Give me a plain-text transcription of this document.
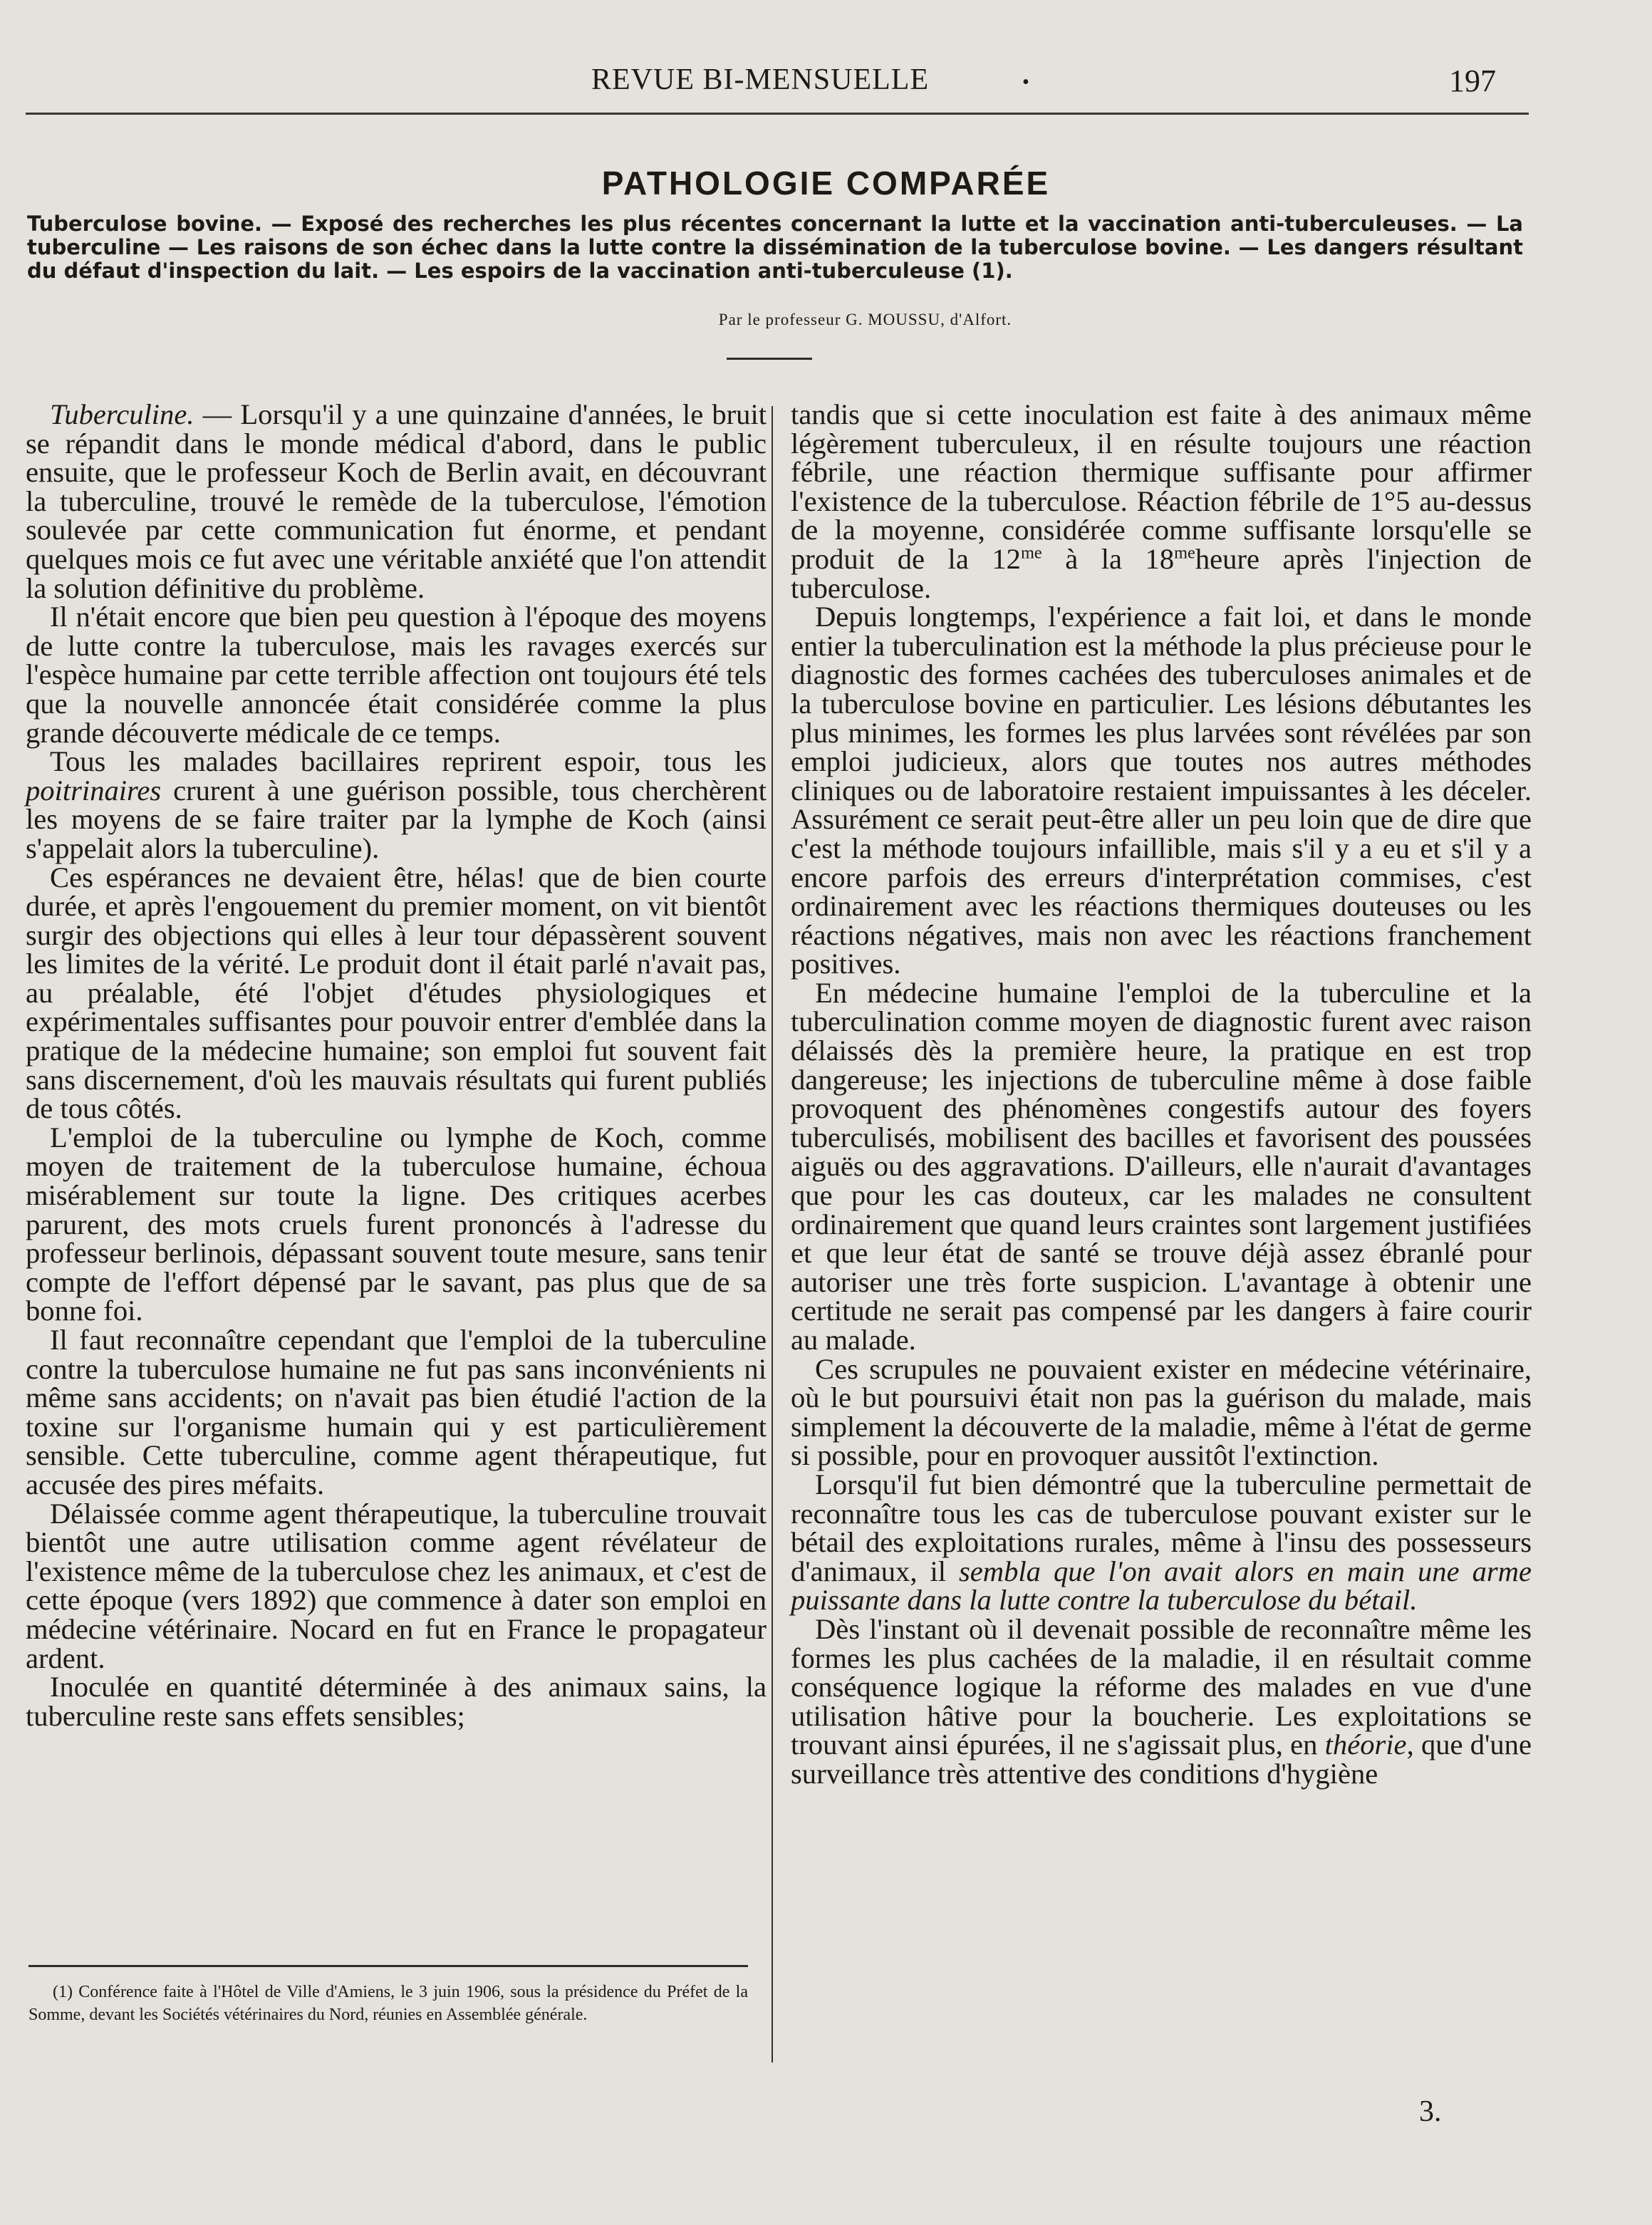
REVUE BI-MENSUELLE	•	197
PATHOLOGIE COMPARÉE

Tuberculose bovine. — Exposé des recherches les plus récentes concernant la lutte et la vaccination anti-tuberculeuses. — La tuberculine — Les raisons de son échec dans la lutte contre la dissémination de la tuberculose bovine. — Les dangers résultant du défaut d'inspection du lait. — Les espoirs de la vaccination anti-tuberculeuse (1).

Par le professeur G. MOUSSU, d'Alfort.

Tuberculine. — Lorsqu'il y a une quinzaine d'années, le bruit se répandit dans le monde médical d'abord, dans le public ensuite, que le professeur Koch de Berlin avait, en découvrant la tuberculine, trouvé le remède de la tuberculose, l'émotion soulevée par cette communication fut énorme, et pendant quelques mois ce fut avec une véritable anxiété que l'on attendit la solution définitive du problème.

Il n'était encore que bien peu question à l'époque des moyens de lutte contre la tuberculose, mais les ravages exercés sur l'espèce humaine par cette terrible affection ont toujours été tels que la nouvelle annoncée était considérée comme la plus grande découverte médicale de ce temps.

Tous les malades bacillaires reprirent espoir, tous les poitrinaires crurent à une guérison possible, tous cherchèrent les moyens de se faire traiter par la lymphe de Koch (ainsi s'appelait alors la tuberculine).

Ces espérances ne devaient être, hélas! que de bien courte durée, et après l'engouement du premier moment, on vit bientôt surgir des objections qui elles à leur tour dépassèrent souvent les limites de la vérité. Le produit dont il était parlé n'avait pas, au préalable, été l'objet d'études physiologiques et expérimentales suffisantes pour pouvoir entrer d'emblée dans la pratique de la médecine humaine; son emploi fut souvent fait sans discernement, d'où les mauvais résultats qui furent publiés de tous côtés.

L'emploi de la tuberculine ou lymphe de Koch, comme moyen de traitement de la tuberculose humaine, échoua misérablement sur toute la ligne. Des critiques acerbes parurent, des mots cruels furent prononcés à l'adresse du professeur berlinois, dépassant souvent toute mesure, sans tenir compte de l'effort dépensé par le savant, pas plus que de sa bonne foi.

Il faut reconnaître cependant que l'emploi de la tuberculine contre la tuberculose humaine ne fut pas sans inconvénients ni même sans accidents; on n'avait pas bien étudié l'action de la toxine sur l'organisme humain qui y est particulièrement sensible. Cette tuberculine, comme agent thérapeutique, fut accusée des pires méfaits.

Délaissée comme agent thérapeutique, la tuberculine trouvait bientôt une autre utilisation comme agent révélateur de l'existence même de la tuberculose chez les animaux, et c'est de cette époque (vers 1892) que commence à dater son emploi en médecine vétérinaire. Nocard en fut en France le propagateur ardent.

Inoculée en quantité déterminée à des animaux sains, la tuberculine reste sans effets sensibles;

(1) Conférence faite à l'Hôtel de Ville d'Amiens, le 3 juin 1906, sous la présidence du Préfet de la Somme, devant les Sociétés vétérinaires du Nord, réunies en Assemblée générale.

tandis que si cette inoculation est faite à des animaux même légèrement tuberculeux, il en résulte toujours une réaction fébrile, une réaction thermique suffisante pour affirmer l'existence de la tuberculose. Réaction fébrile de 1°5 au-dessus de la moyenne, considérée comme suffisante lorsqu'elle se produit de la $12^{me}$ à la $18^{me}heure$ après l'injection de tuberculose.

Depuis longtemps, l'expérience a fait loi, et dans le monde entier la tuberculination est la méthode la plus précieuse pour le diagnostic des formes cachées des tuberculoses animales et de la tuberculose bovine en particulier. Les lésions débutantes les plus minimes, les formes les plus larvées sont révélées par son emploi judicieux, alors que toutes nos autres méthodes cliniques ou de laboratoire restaient impuissantes à les déceler. Assurément ce serait peut-être aller un peu loin que de dire que c'est la méthode toujours infaillible, mais s'il y a eu et s'il y a encore parfois des erreurs d'interprétation commises, c'est ordinairement avec les réactions thermiques douteuses ou les réactions négatives, mais non avec les réactions franchement positives.

En médecine humaine l'emploi de la tuberculine et la tuberculination comme moyen de diagnostic furent avec raison délaissés dès la première heure, la pratique en est trop dangereuse; les injections de tuberculine même à dose faible provoquent des phénomènes congestifs autour des foyers tuberculisés, mobilisent des bacilles et favorisent des poussées aiguës ou des aggravations. D'ailleurs, elle n'aurait d'avantages que pour les cas douteux, car les malades ne consultent ordinairement que quand leurs craintes sont largement justifiées et que leur état de santé se trouve déjà assez ébranlé pour autoriser une très forte suspicion. L'avantage à obtenir une certitude ne serait pas compensé par les dangers à faire courir au malade.

Ces scrupules ne pouvaient exister en médecine vétérinaire, où le but poursuivi était non pas la guérison du malade, mais simplement la découverte de la maladie, même à l'état de germe si possible, pour en provoquer aussitôt l'extinction.

Lorsqu'il fut bien démontré que la tuberculine permettait de reconnaître tous les cas de tuberculose pouvant exister sur le bétail des exploitations rurales, même à l'insu des possesseurs d'animaux, il sembla que l'on avait alors en main une arme puissante dans la lutte contre la tuberculose du bétail.

Dès l'instant où il devenait possible de reconnaître même les formes les plus cachées de la maladie, il en résultait comme conséquence logique la réforme des malades en vue d'une utilisation hâtive pour la boucherie. Les exploitations se trouvant ainsi épurées, il ne s'agissait plus, en théorie, que d'une surveillance très attentive des conditions d'hygiène

3.
